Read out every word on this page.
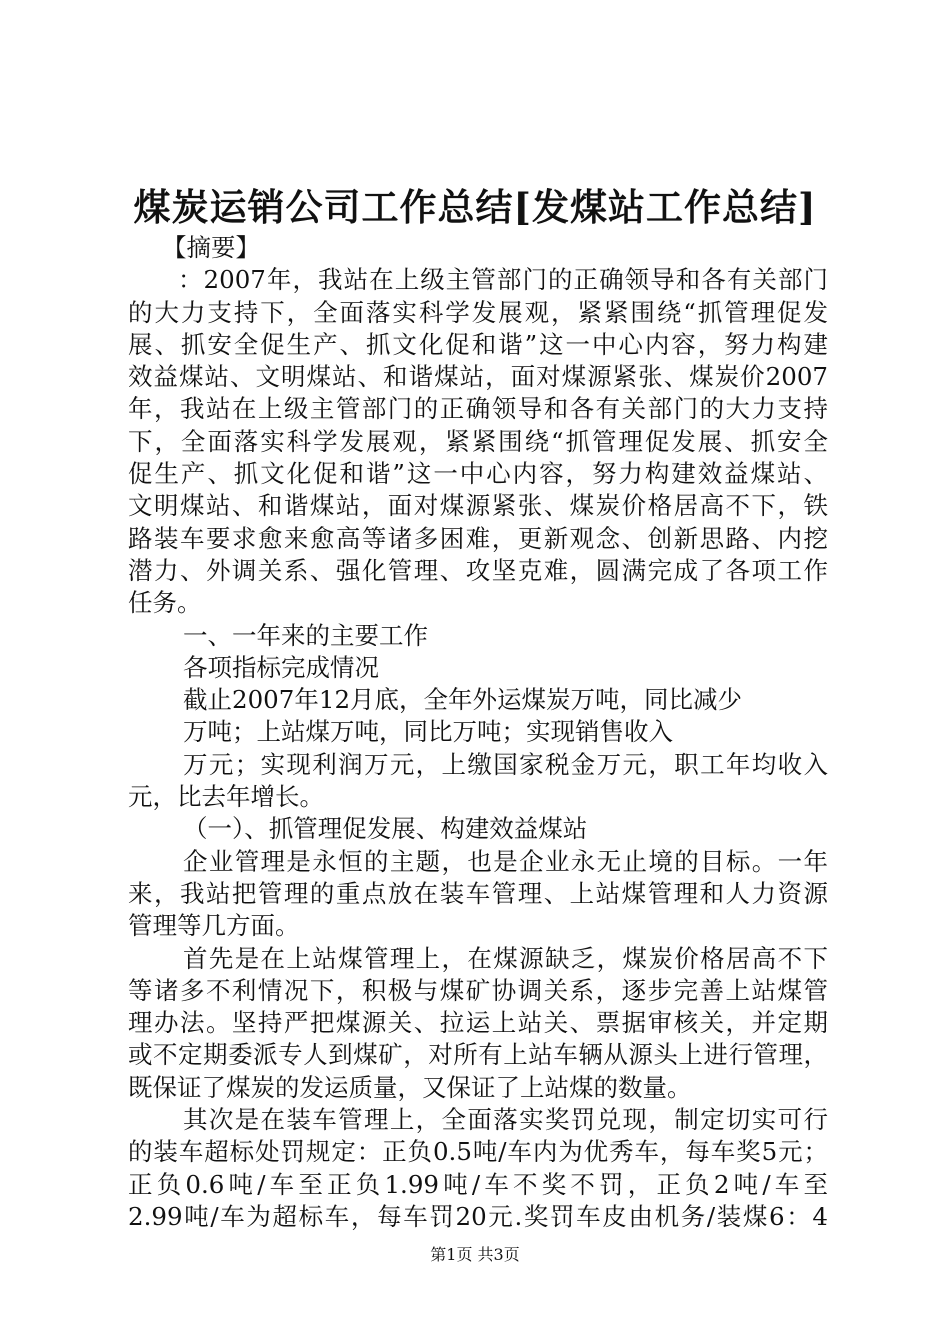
煤炭运销公司工作总结[发煤站工作总结]
【摘要】
：2007年，我站在上级主管部门的正确领导和各有关部门
的大力支持下，全面落实科学发展观，紧紧围绕“抓管理促发
展、抓安全促生产、抓文化促和谐”这一中心内容，努力构建
效益煤站、文明煤站、和谐煤站，面对煤源紧张、煤炭价2007
年，我站在上级主管部门的正确领导和各有关部门的大力支持
下，全面落实科学发展观，紧紧围绕“抓管理促发展、抓安全
促生产、抓文化促和谐”这一中心内容，努力构建效益煤站、
文明煤站、和谐煤站，面对煤源紧张、煤炭价格居高不下，铁
路装车要求愈来愈高等诸多困难，更新观念、创新思路、内挖
潜力、外调关系、强化管理、攻坚克难，圆满完成了各项工作
任务。
一、一年来的主要工作
各项指标完成情况
截止2007年12月底，全年外运煤炭万吨，同比减少
万吨；上站煤万吨，同比万吨；实现销售收入
万元；实现利润万元，上缴国家税金万元，职工年均收入
元，比去年增长。
（一）、抓管理促发展、构建效益煤站
企业管理是永恒的主题，也是企业永无止境的目标。一年
来，我站把管理的重点放在装车管理、上站煤管理和人力资源
管理等几方面。
首先是在上站煤管理上，在煤源缺乏，煤炭价格居高不下
等诸多不利情况下，积极与煤矿协调关系，逐步完善上站煤管
理办法。坚持严把煤源关、拉运上站关、票据审核关，并定期
或不定期委派专人到煤矿，对所有上站车辆从源头上进行管理，
既保证了煤炭的发运质量，又保证了上站煤的数量。
其次是在装车管理上，全面落实奖罚兑现，制定切实可行
的装车超标处罚规定：正负0.5吨/车内为优秀车，每车奖5元；
正负0.6吨/车至正负1.99吨/车不奖不罚，正负2吨/车至
2.99吨/车为超标车，每车罚20元.奖罚车皮由机务/装煤6：4
第1页 共3页
